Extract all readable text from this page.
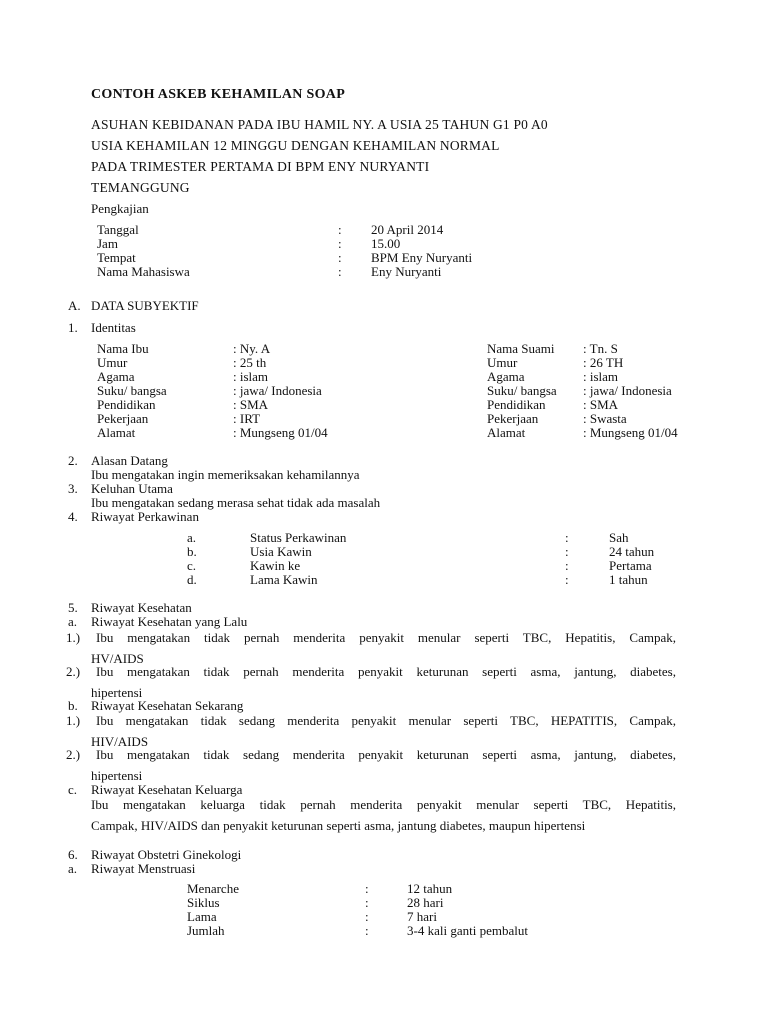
CONTOH ASKEB KEHAMILAN SOAP
ASUHAN KEBIDANAN PADA IBU HAMIL NY. A USIA 25 TAHUN G1 P0 A0
USIA KEHAMILAN 12 MINGGU DENGAN KEHAMILAN NORMAL
PADA TRIMESTER PERTAMA DI BPM ENY NURYANTI
TEMANGGUNG
Pengkajian
Tanggal	: 20 April 2014
Jam	: 15.00
Tempat	: BPM Eny Nuryanti
Nama Mahasiswa	: Eny Nuryanti
A. DATA SUBYEKTIF
1. Identitas
Nama Ibu	: Ny. A
Umur	: 25 th
Agama	: islam
Suku/ bangsa	: jawa/ Indonesia
Pendidikan	: SMA
Pekerjaan	: IRT
Alamat	: Mungseng 01/04
Nama Suami : Tn. S
Umur	: 26 TH
Agama	: islam
Suku/ bangsa : jawa/ Indonesia
Pendidikan	: SMA
Pekerjaan	: Swasta
Alamat	: Mungseng 01/04
2. Alasan Datang
Ibu mengatakan ingin memeriksakan kehamilannya
3. Keluhan Utama
Ibu mengatakan sedang merasa sehat tidak ada masalah
4. Riwayat Perkawinan
a.	Status Perkawinan	:	Sah
b.	Usia Kawin	:	24 tahun
c.	Kawin ke	:	Pertama
d.	Lama Kawin	:	1 tahun
5. Riwayat Kesehatan
a. Riwayat Kesehatan yang Lalu
1.) Ibu mengatakan tidak pernah menderita penyakit menular seperti TBC, Hepatitis, Campak,
HV/AIDS
2.) Ibu mengatakan tidak pernah menderita penyakit keturunan seperti asma, jantung, diabetes,
hipertensi
b. Riwayat Kesehatan Sekarang
1.) Ibu mengatakan tidak sedang menderita penyakit menular seperti TBC, HEPATITIS, Campak,
HIV/AIDS
2.) Ibu mengatakan tidak sedang menderita penyakit keturunan seperti asma, jantung, diabetes,
hipertensi
c. Riwayat Kesehatan Keluarga
Ibu mengatakan keluarga tidak pernah menderita penyakit menular seperti TBC, Hepatitis,
Campak, HIV/AIDS dan penyakit keturunan seperti asma, jantung diabetes, maupun hipertensi
6. Riwayat Obstetri Ginekologi
a. Riwayat Menstruasi
Menarche	:	12 tahun
Siklus	:	28 hari
Lama	:	7 hari
Jumlah	:	3-4 kali ganti pembalut
